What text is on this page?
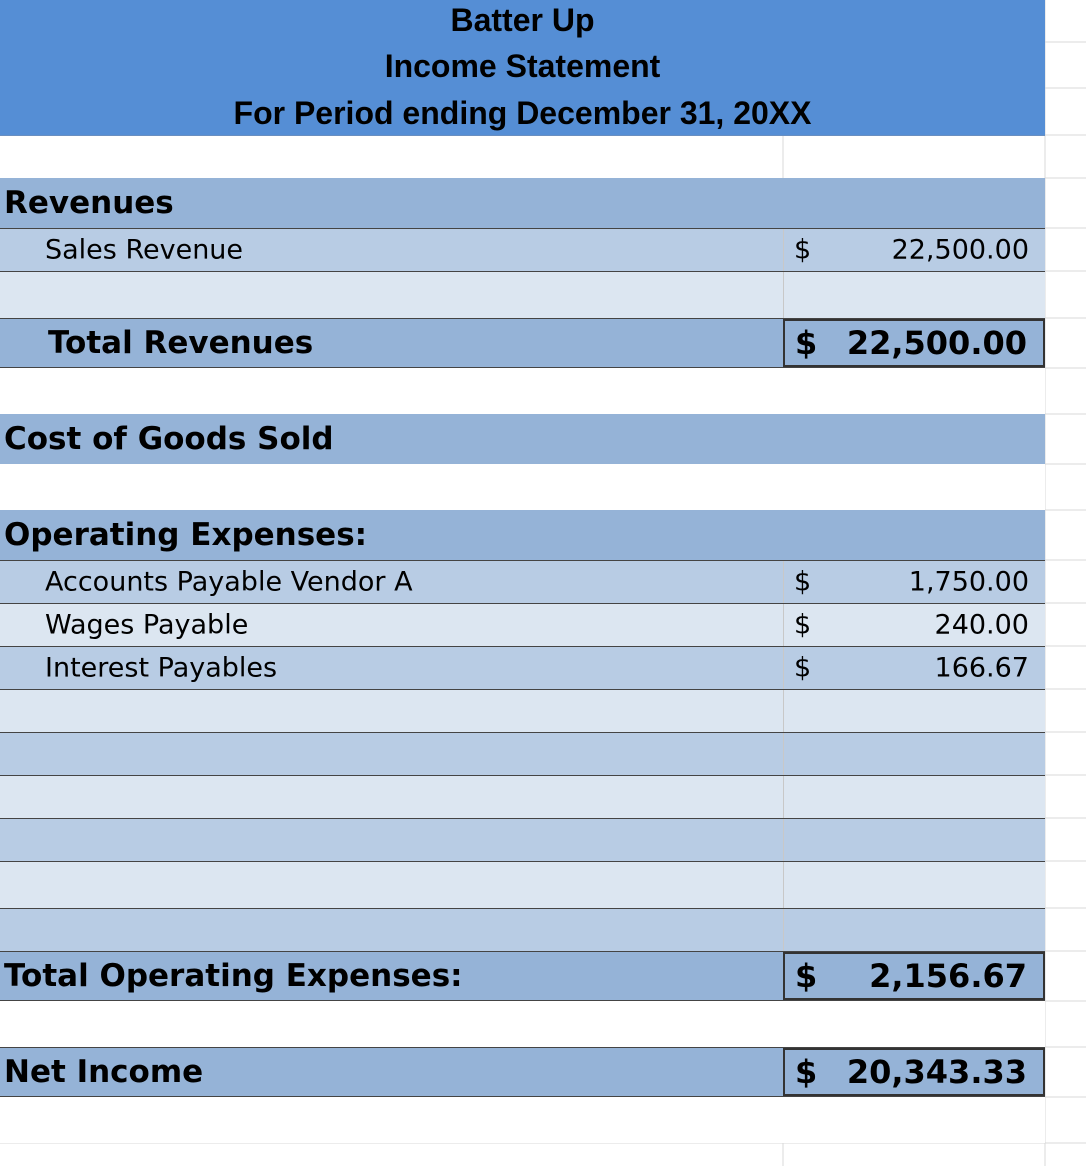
Batter Up
Income Statement
For Period ending December 31, 20XX
Revenues
Sales Revenue	$	22,500.00
Total Revenues	$ 22,500.00
Cost of Goods Sold
Operating Expenses:
Accounts Payable Vendor A	$	1,750.00
Wages Payable	$	240.00
Interest Payables	$	166.67
Total Operating Expenses:	$ 2,156.67
Net Income	$ 20,343.33
